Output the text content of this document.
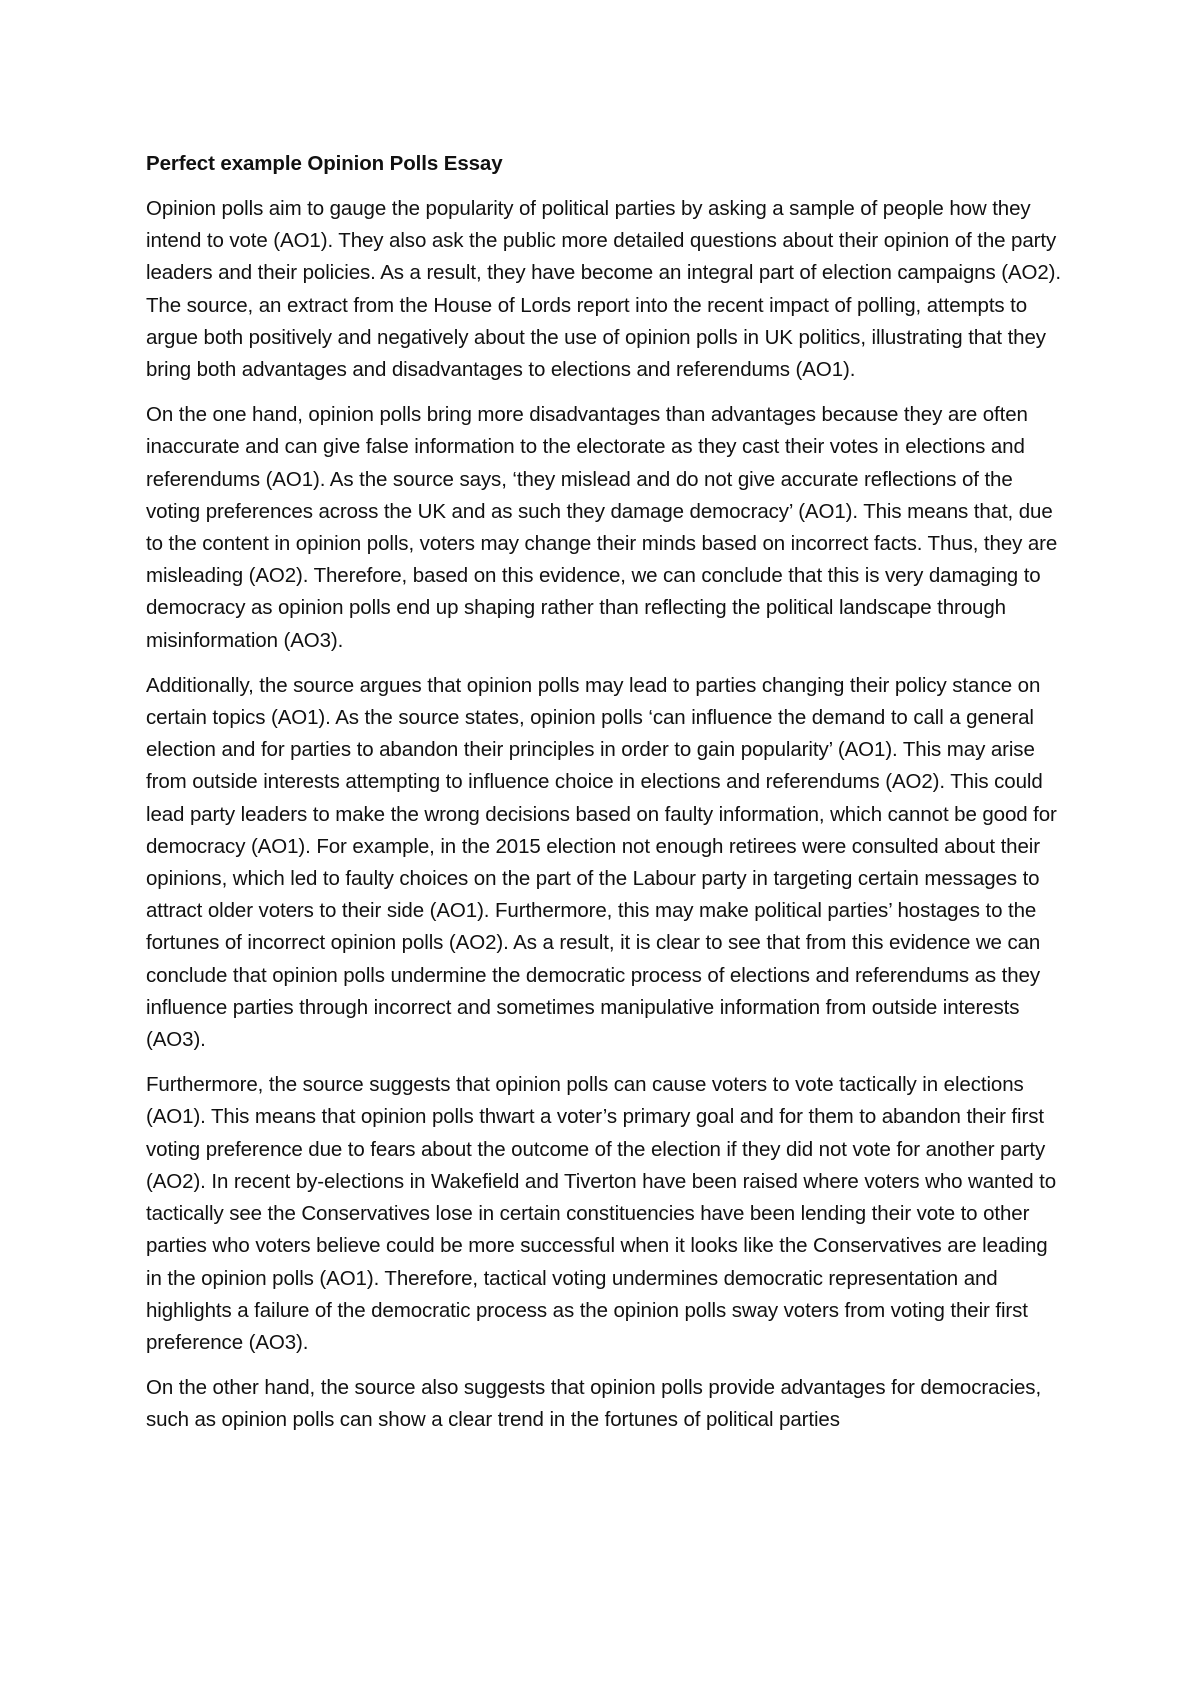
Perfect example Opinion Polls Essay

Opinion polls aim to gauge the popularity of political parties by asking a sample of people how they intend to vote (AO1). They also ask the public more detailed questions about their opinion of the party leaders and their policies. As a result, they have become an integral part of election campaigns (AO2). The source, an extract from the House of Lords report into the recent impact of polling, attempts to argue both positively and negatively about the use of opinion polls in UK politics, illustrating that they bring both advantages and disadvantages to elections and referendums (AO1).

On the one hand, opinion polls bring more disadvantages than advantages because they are often inaccurate and can give false information to the electorate as they cast their votes in elections and referendums (AO1). As the source says, ‘they mislead and do not give accurate reflections of the voting preferences across the UK and as such they damage democracy’ (AO1). This means that, due to the content in opinion polls, voters may change their minds based on incorrect facts. Thus, they are misleading (AO2). Therefore, based on this evidence, we can conclude that this is very damaging to democracy as opinion polls end up shaping rather than reflecting the political landscape through misinformation (AO3).

Additionally, the source argues that opinion polls may lead to parties changing their policy stance on certain topics (AO1). As the source states, opinion polls ‘can influence the demand to call a general election and for parties to abandon their principles in order to gain popularity’ (AO1). This may arise from outside interests attempting to influence choice in elections and referendums (AO2). This could lead party leaders to make the wrong decisions based on faulty information, which cannot be good for democracy (AO1). For example, in the 2015 election not enough retirees were consulted about their opinions, which led to faulty choices on the part of the Labour party in targeting certain messages to attract older voters to their side (AO1). Furthermore, this may make political parties’ hostages to the fortunes of incorrect opinion polls (AO2). As a result, it is clear to see that from this evidence we can conclude that opinion polls undermine the democratic process of elections and referendums as they influence parties through incorrect and sometimes manipulative information from outside interests (AO3).

Furthermore, the source suggests that opinion polls can cause voters to vote tactically in elections (AO1). This means that opinion polls thwart a voter’s primary goal and for them to abandon their first voting preference due to fears about the outcome of the election if they did not vote for another party (AO2). In recent by-elections in Wakefield and Tiverton have been raised where voters who wanted to tactically see the Conservatives lose in certain constituencies have been lending their vote to other parties who voters believe could be more successful when it looks like the Conservatives are leading in the opinion polls (AO1). Therefore, tactical voting undermines democratic representation and highlights a failure of the democratic process as the opinion polls sway voters from voting their first preference (AO3).

On the other hand, the source also suggests that opinion polls provide advantages for democracies, such as opinion polls can show a clear trend in the fortunes of political parties
